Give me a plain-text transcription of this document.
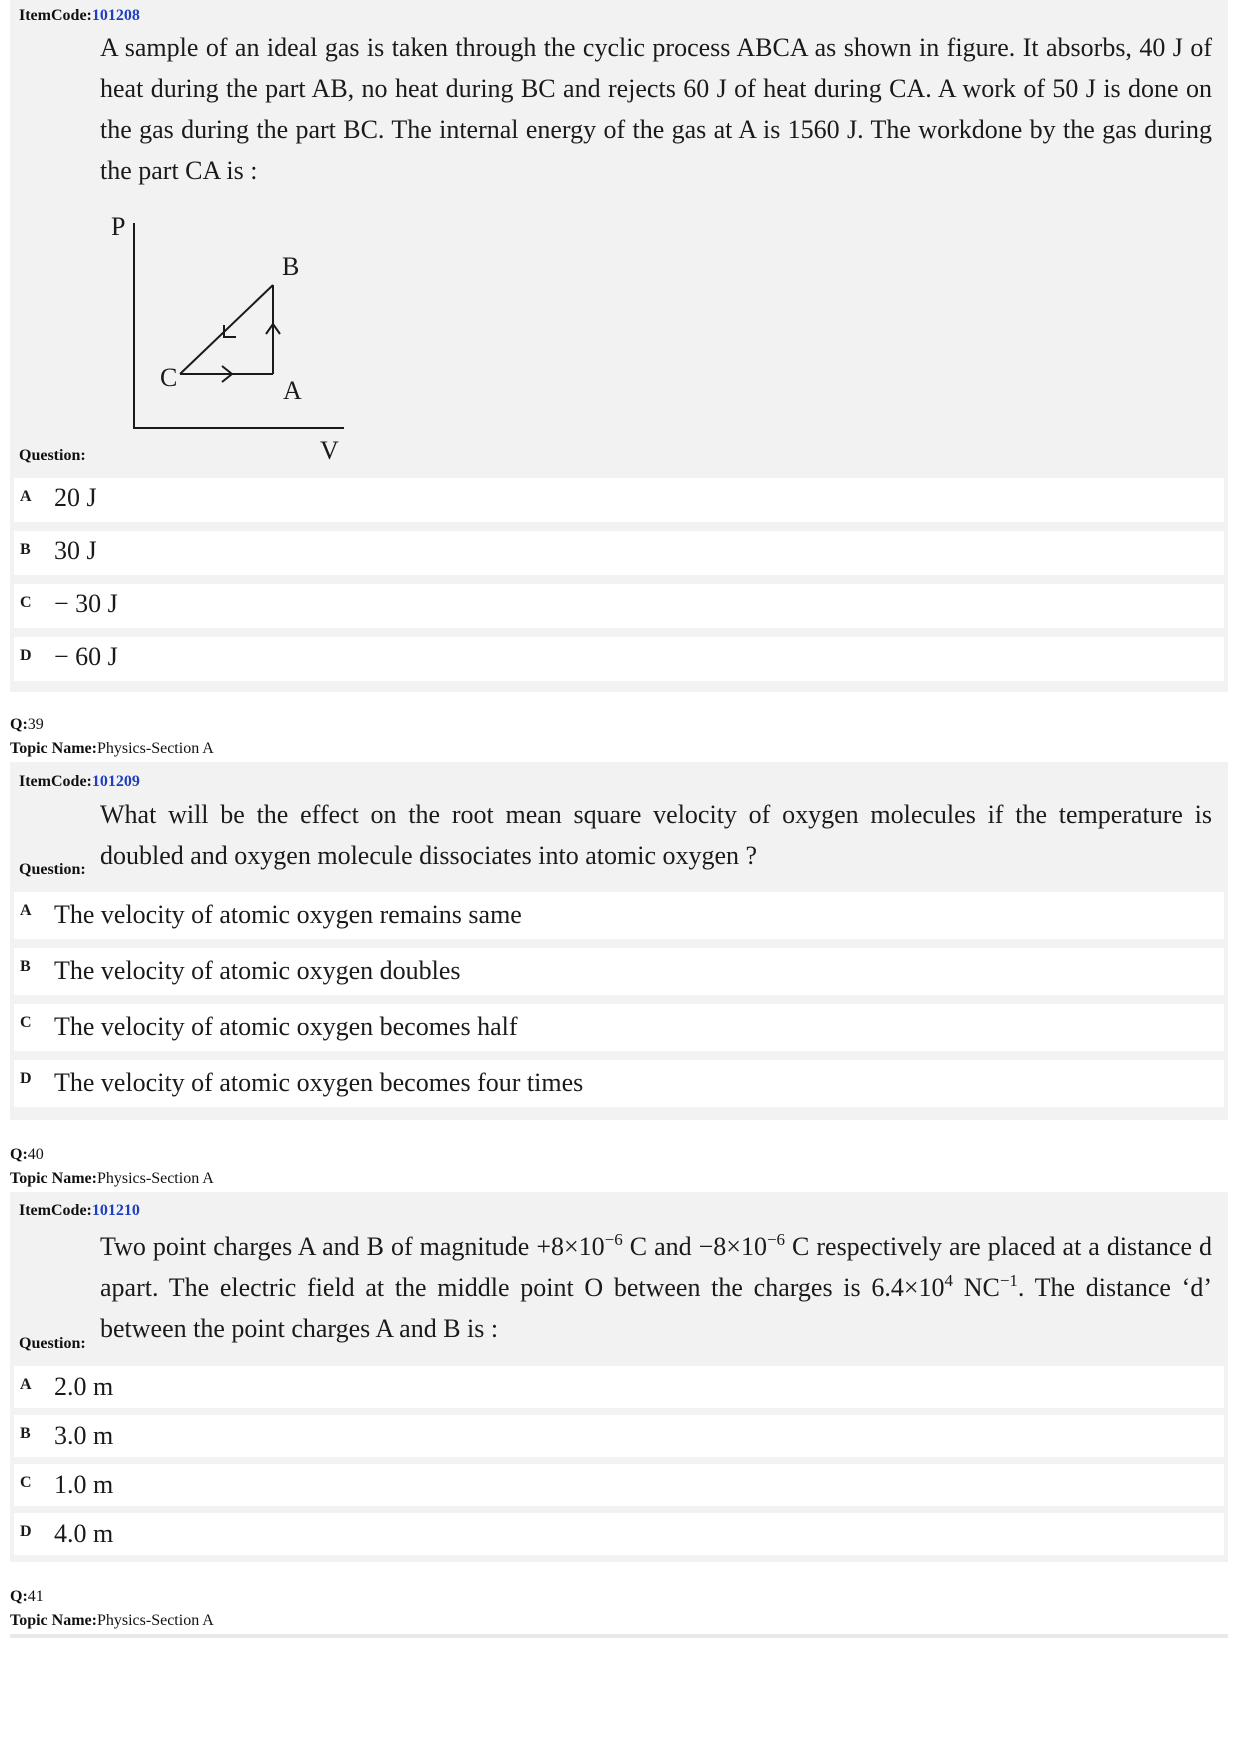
ItemCode:101208
A sample of an ideal gas is taken through the cyclic process ABCA as shown in figure. It absorbs, 40 J of heat during the part AB, no heat during BC and rejects 60 J of heat during CA. A work of 50 J is done on the gas during the part BC. The internal energy of the gas at A is 1560 J. The workdone by the gas during the part CA is :
P
V
B
A
C
Question:
A 20 J
B 30 J
C − 30 J
D − 60 J
Q:39
Topic Name:Physics-Section A
ItemCode:101209
What will be the effect on the root mean square velocity of oxygen molecules if the temperature is doubled and oxygen molecule dissociates into atomic oxygen ?
Question:
A The velocity of atomic oxygen remains same
B The velocity of atomic oxygen doubles
C The velocity of atomic oxygen becomes half
D The velocity of atomic oxygen becomes four times
Q:40
Topic Name:Physics-Section A
ItemCode:101210
Two point charges A and B of magnitude $+8\times 10^{-6}$ C and $-8\times 10^{-6}$ C respectively are placed at a distance d apart. The electric field at the middle point O between the charges is $6.4\times 10^4$ $NC^{-1}$. The distance ‘d’ between the point charges A and B is :
Question:
A 2.0 m
B 3.0 m
C 1.0 m
D 4.0 m
Q:41
Topic Name:Physics-Section A
